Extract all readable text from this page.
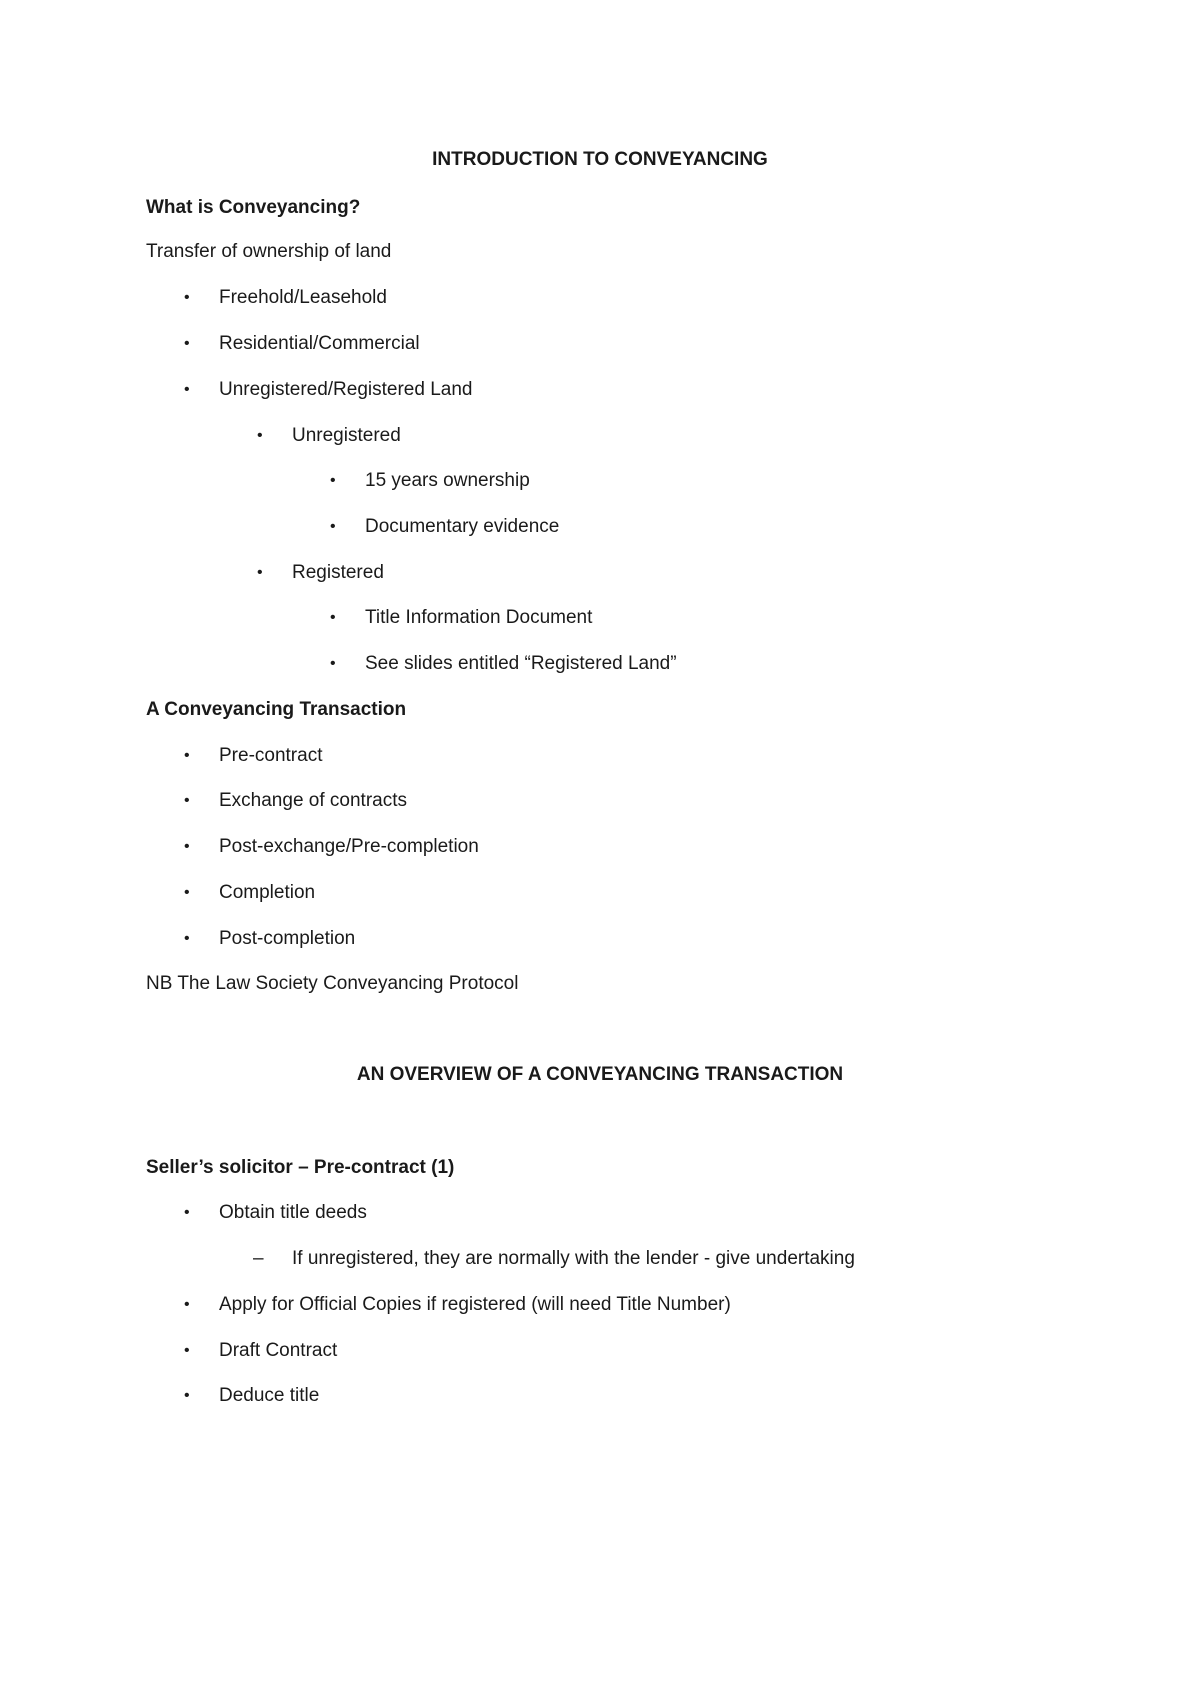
INTRODUCTION TO CONVEYANCING
What is Conveyancing?
Transfer of ownership of land
• Freehold/Leasehold
• Residential/Commercial
• Unregistered/Registered Land
• Unregistered
• 15 years ownership
• Documentary evidence
• Registered
• Title Information Document
• See slides entitled “Registered Land”
A Conveyancing Transaction
• Pre-contract
• Exchange of contracts
• Post-exchange/Pre-completion
• Completion
• Post-completion
NB The Law Society Conveyancing Protocol
AN OVERVIEW OF A CONVEYANCING TRANSACTION
Seller’s solicitor – Pre-contract (1)
• Obtain title deeds
– If unregistered, they are normally with the lender - give undertaking
• Apply for Official Copies if registered (will need Title Number)
• Draft Contract
• Deduce title
